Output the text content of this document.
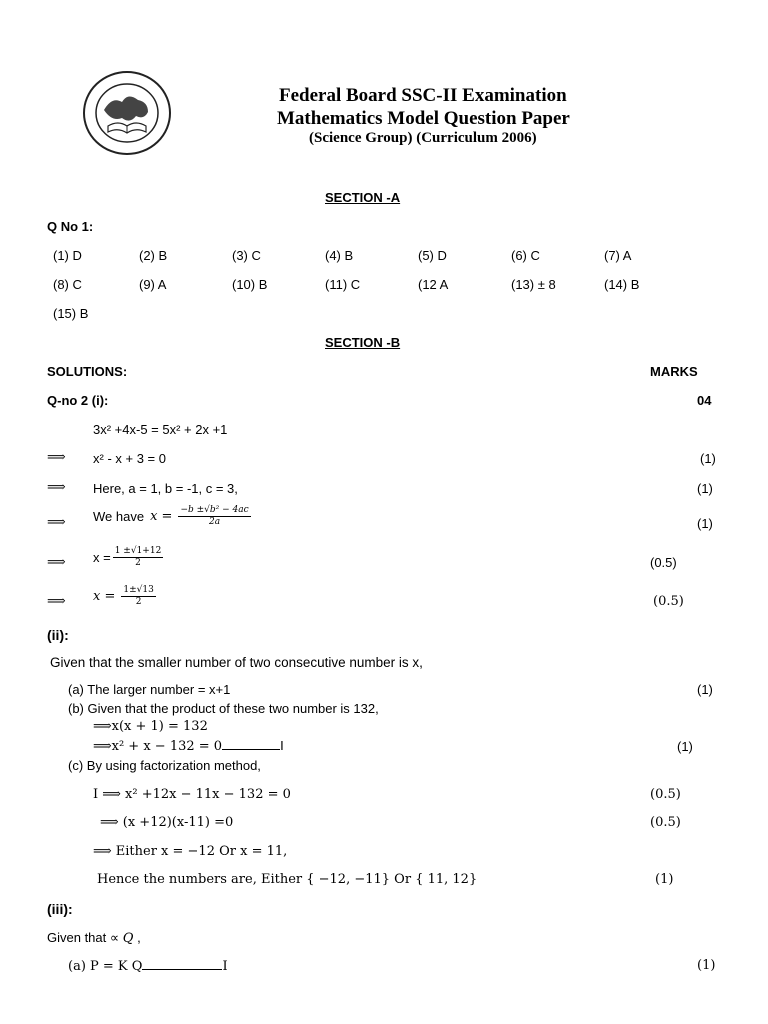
Federal Board SSC-II Examination
Mathematics Model Question Paper
(Science Group) (Curriculum 2006)
SECTION -A
Q No 1:
(1) D	(2) B	(3) C	(4) B	(5) D	(6) C	(7) A
(8) C	(9) A	(10) B	(11) C	(12 A	(13) ± 8	(14) B
(15) B
SECTION -B
SOLUTIONS:	MARKS
Q-no 2 (i):	04
3x² +4x-5 = 5x² + 2x +1
⟹ x² - x + 3 = 0	(1)
⟹ Here, a = 1, b = -1, c = 3,	(1)
⟹ We have $x = \frac{\text{−b ±√b² − 4ac}}{2a}$	(1)
⟹ $x = \frac{1 \pm√1+12}{2}$	(0.5)
⟹ $x = \frac{1\pm√13}{2}$	(0.5)
(ii):
Given that the smaller number of two consecutive number is x,
(a) The larger number = x+1	(1)
(b) Given that the product of these two number is 132,
⟹x(x + 1) = 132
⟹x² + x − 132 = 0	I	(1)
(c) By using factorization method,
I ⟹ x² +12x − 11x − 132 = 0	(0.5)
⟹ (x +12)(x-11) =0	(0.5)
⟹ Either x = −12 Or x = 11,
Hence the numbers are, Either { −12, −11} Or { 11, 12}	(1)
(iii):
Given that ∝ Q ,
(a) P = K Q	I	(1)
